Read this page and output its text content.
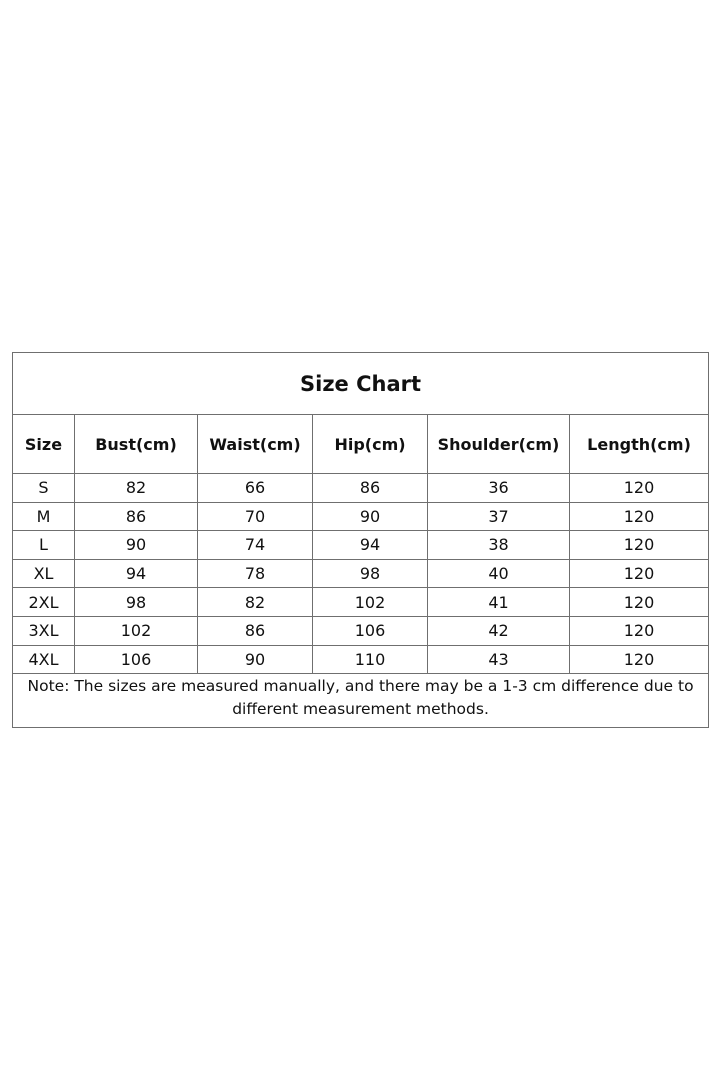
Size Chart					
Size	Bust(cm)	Waist(cm)	Hip(cm)	Shoulder(cm)	Length(cm)
S	82	66	86	36	120
M	86	70	90	37	120
L	90	74	94	38	120
XL	94	78	98	40	120
2XL	98	82	102	41	120
3XL	102	86	106	42	120
4XL	106	90	110	43	120
Note: The sizes are measured manually, and there may be a 1-3 cm difference due to different measurement methods.					
